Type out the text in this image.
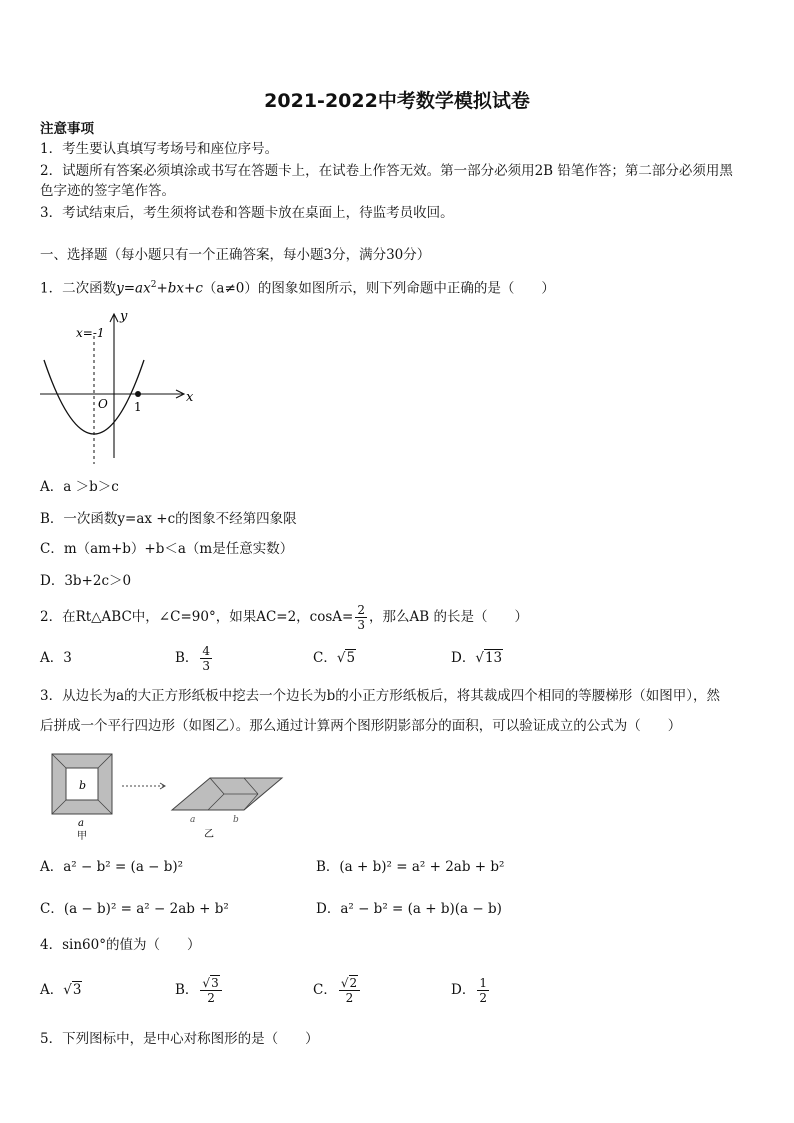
2021-2022中考数学模拟试卷
注意事项
1．考生要认真填写考场号和座位序号。
2．试题所有答案必须填涂或书写在答题卡上，在试卷上作答无效。第一部分必须用2B 铅笔作答；第二部分必须用黑
色字迹的签字笔作答。
3．考试结束后，考生须将试卷和答题卡放在桌面上，待监考员收回。
一、选择题（每小题只有一个正确答案，每小题3分，满分30分）
1．二次函数$y=ax^2+bx+c(a\ne 0)$的图象如图所示，则下列命题中正确的是（　　）
x
y
O 1
x=-1
A．a ＞b＞c
B．一次函数y=ax +c的图象不经第四象限
C．m（am+b）+b＜a（m是任意实数）
D．3b+2c＞0
2．在Rt△ABC中，∠C=90°，如果AC=2，$\cos A= \frac{2}{3}$ ，那么AB 的长是（　　）
A．3	B． $\frac{4}{3}$	C．√5	D．√13
3．从边长为a的大正方形纸板中挖去一个边长为b的小正方形纸板后，将其裁成四个相同的等腰梯形（如图甲），然
后拼成一个平行四边形（如图乙）。那么通过计算两个图形阴影部分的面积，可以验证成立的公式为（　　）
b
a
甲
a	b
乙
A．a² − b² = (a − b)²	B．(a + b)² = a² + 2ab + b²
C．(a − b)² = a² − 2ab + b²	D．a² − b² = (a + b)(a − b)
4．sin60°的值为（　　）
A．√3	B． $\frac{√3}{2}$	C． $\frac{√2}{2}$	D． $\frac{1}{2}$
5．下列图标中，是中心对称图形的是（　　）
